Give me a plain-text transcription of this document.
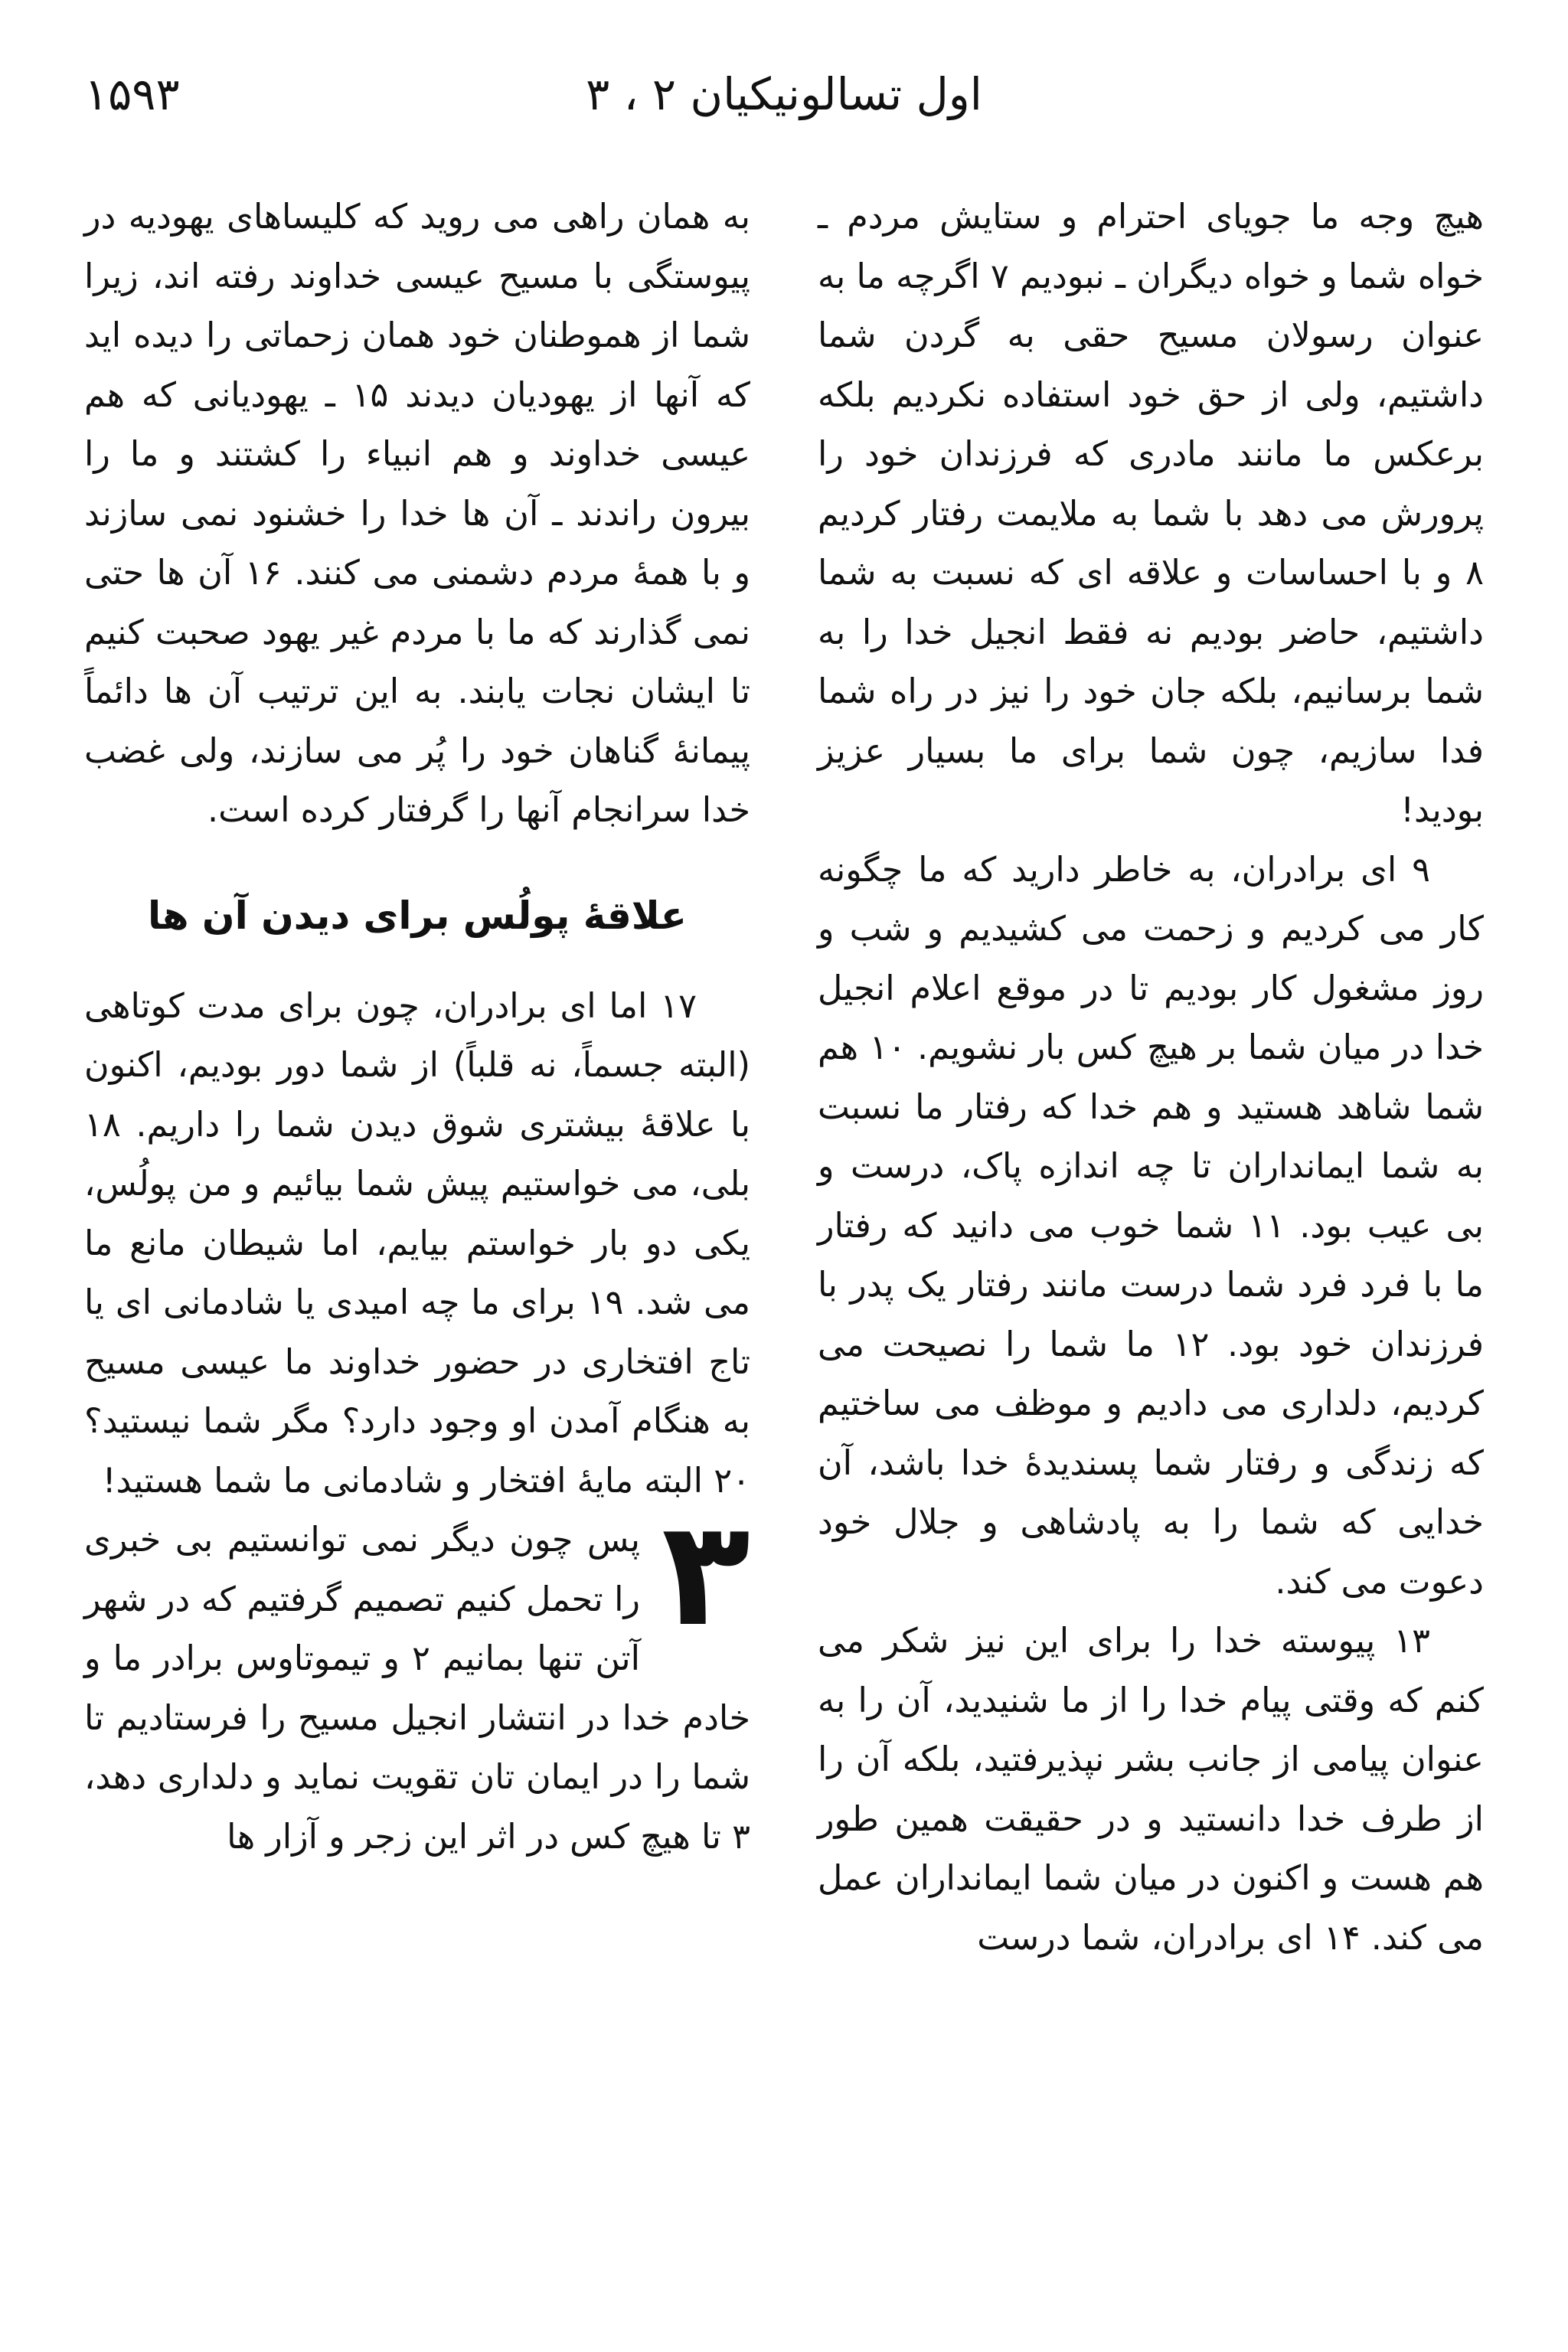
اول تسالونیکیان ۲ ، ۳
۱۵۹۳

هیچ وجه ما جویای احترام و ستایش مردم ـ خواه شما و خواه دیگران ـ نبودیم ۷ اگرچه ما به عنوان رسولان مسیح حقی به گردن شما داشتیم، ولی از حق خود استفاده نکردیم بلکه برعکس ما مانند مادری که فرزندان خود را پرورش می دهد با شما به ملایمت رفتار کردیم ۸ و با احساسات و علاقه ای که نسبت به شما داشتیم، حاضر بودیم نه فقط انجیل خدا را به شما برسانیم، بلکه جان خود را نیز در راه شما فدا سازیم، چون شما برای ما بسیار عزیز بودید!

۹ ای برادران، به خاطر دارید که ما چگونه کار می کردیم و زحمت می کشیدیم و شب و روز مشغول کار بودیم تا در موقع اعلام انجیل خدا در میان شما بر هیچ کس بار نشویم. ۱۰ هم شما شاهد هستید و هم خدا که رفتار ما نسبت به شما ایمانداران تا چه اندازه پاک، درست و بی عیب بود. ۱۱ شما خوب می دانید که رفتار ما با فرد فرد شما درست مانند رفتار یک پدر با فرزندان خود بود. ۱۲ ما شما را نصیحت می کردیم، دلداری می دادیم و موظف می ساختیم که زندگی و رفتار شما پسندیدهٔ خدا باشد، آن خدایی که شما را به پادشاهی و جلال خود دعوت می کند.

۱۳ پیوسته خدا را برای این نیز شکر می کنم که وقتی پیام خدا را از ما شنیدید، آن را به عنوان پیامی از جانب بشر نپذیرفتید، بلکه آن را از طرف خدا دانستید و در حقیقت همین طور هم هست و اکنون در میان شما ایمانداران عمل می کند. ۱۴ ای برادران، شما درست

به همان راهی می روید که کلیساهای یهودیه در پیوستگی با مسیح عیسی خداوند رفته اند، زیرا شما از هموطنان خود همان زحماتی را دیده اید که آنها از یهودیان دیدند ۱۵ ـ یهودیانی که هم عیسی خداوند و هم انبیاء را کشتند و ما را بیرون راندند ـ آن ها خدا را خشنود نمی سازند و با همهٔ مردم دشمنی می کنند. ۱۶ آن ها حتی نمی گذارند که ما با مردم غیر یهود صحبت کنیم تا ایشان نجات یابند. به این ترتیب آن ها دائماً پیمانهٔ گناهان خود را پُر می سازند، ولی غضب خدا سرانجام آنها را گرفتار کرده است.

علاقهٔ پولُس برای دیدن آن ها

۱۷ اما ای برادران، چون برای مدت کوتاهی (البته جسماً، نه قلباً) از شما دور بودیم، اکنون با علاقهٔ بیشتری شوق دیدن شما را داریم. ۱۸ بلی، می خواستیم پیش شما بیائیم و من پولُس، یکی دو بار خواستم بیایم، اما شیطان مانع ما می شد. ۱۹ برای ما چه امیدی یا شادمانی ای یا تاج افتخاری در حضور خداوند ما عیسی مسیح به هنگام آمدن او وجود دارد؟ مگر شما نیستید؟ ۲۰ البته مایهٔ افتخار و شادمانی ما شما هستید!

۳

پس چون دیگر نمی توانستیم بی خبری را تحمل کنیم تصمیم گرفتیم که در شهر آتن تنها بمانیم ۲ و تیموتاوس برادر ما و خادم خدا در انتشار انجیل مسیح را فرستادیم تا شما را در ایمان تان تقویت نماید و دلداری دهد، ۳ تا هیچ کس در اثر این زجر و آزار ها
